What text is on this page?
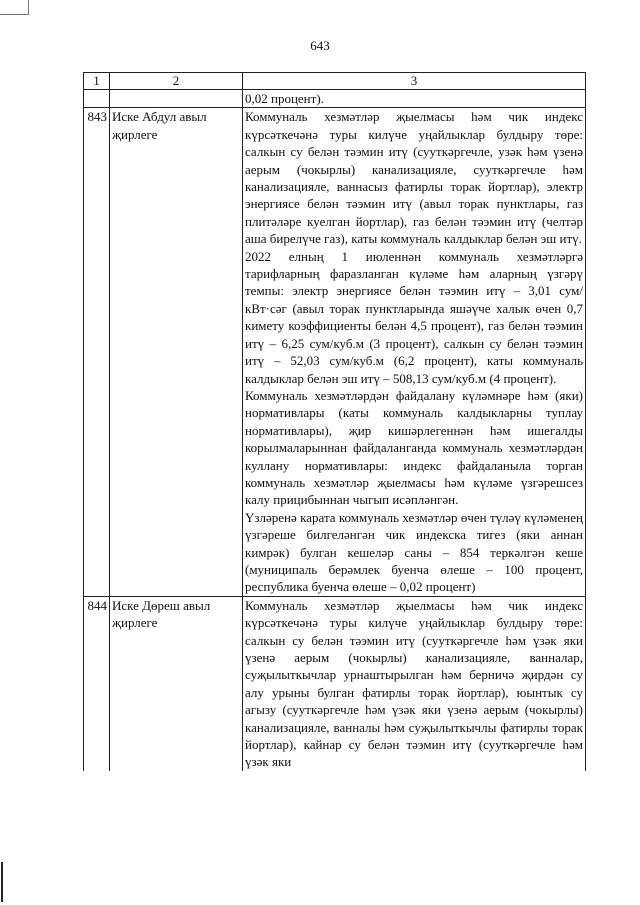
643
1	2	3
		0,02 процент).
843	Иске Абдул авыл җирлеге	Коммуналь хезмәтләр җыелмасы һәм чик индекс күрсәткечәнә туры килүче уңайлыклар булдыру төре: салкын су белән тәэмин итү (сууткәргечле, узәк һәм үзенә аерым (чокырлы) канализацияле, сууткәргечле һәм канализацияле, ваннасыз фатирлы торак йортлар), электр энергиясе белән тәэмин итү (авыл торак пунктлары, газ плитәләре куелган йортлар), газ белән тәэмин итү (челтәр аша бирелүче газ), каты коммуналь калдыклар белән эш итү.

2022 елның 1 июленнән коммуналь хезмәтләргә тарифларның фаразланган күләме һәм аларның үзгәрү темпы: электр энергиясе белән тәэмин итү – 3,01 сум/кВт·сәг (авыл торак пунктларында яшәүче халык өчен 0,7 кимету коэффициенты белән 4,5 процент), газ белән тәэмин итү – 6,25 сум/куб.м (3 процент), салкын су белән тәэмин итү – 52,03 сум/куб.м (6,2 процент), каты коммуналь калдыклар белән эш итү – 508,13 сум/куб.м (4 процент).

Коммуналь хезмәтләрдән файдалану күләмнәре һәм (яки) нормативлары (каты коммуналь калдыкларны туплау нормативлары), җир кишәрлегеннән һәм ишегалды корылмаларыннан файдаланганда коммуналь хезмәтләрдән куллану нормативлары: индекс файдаланыла торган коммуналь хезмәтләр җыелмасы һәм күләме үзгәрешсез калу прицибыннан чыгып исәпләнгән.

Үзләренә карата коммуналь хезмәтләр өчен түләү күләменең үзгәреше билгеләнгән чик индекска тигез (яки аннан кимрәк) булган кешеләр саны – 854 теркәлгән кеше (муниципаль берәмлек буенча өлеше – 100 процент, республика буенча өлеше – 0,02 процент)

844	Иске Дөреш авыл җирлеге	Коммуналь хезмәтләр җыелмасы һәм чик индекс күрсәткечәнә туры килүче уңайлыклар булдыру төре: салкын су белән тәэмин итү (сууткәргечле һәм үзәк яки үзенә аерым (чокырлы) канализацияле, ванналар, суҗылыткычлар урнаштырылган һәм берничә җирдән су алу урыны булган фатирлы торак йортлар), юынтык су агызу (сууткәргечле һәм үзәк яки үзенә аерым (чокырлы) канализацияле, ванналы һәм суҗылыткычлы фатирлы торак йортлар), кайнар су белән тәэмин итү (сууткәргечле һәм үзәк яки
